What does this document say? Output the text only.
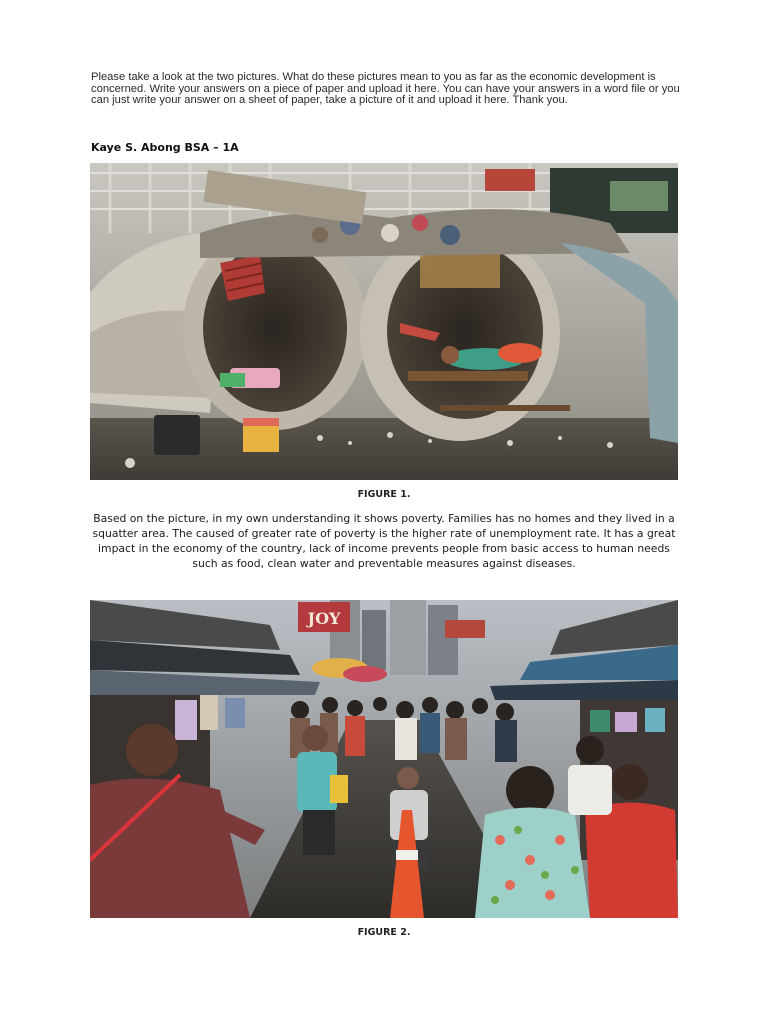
Please take a look at the two pictures. What do these pictures mean to you as far as the economic development is concerned. Write your answers on a piece of paper and upload it here. You can have your answers in a word file or you can just write your answer on a sheet of paper, take a picture of it and upload it here. Thank you.

Kaye S. Abong BSA – 1A

FIGURE 1.

Based on the picture, in my own understanding it shows poverty. Families has no homes and they lived in a squatter area. The caused of greater rate of poverty is the higher rate of unemployment rate. It has a great impact in the economy of the country, lack of income prevents people from basic access to human needs such as food, clean water and preventable measures against diseases.

JOY

FIGURE 2.
